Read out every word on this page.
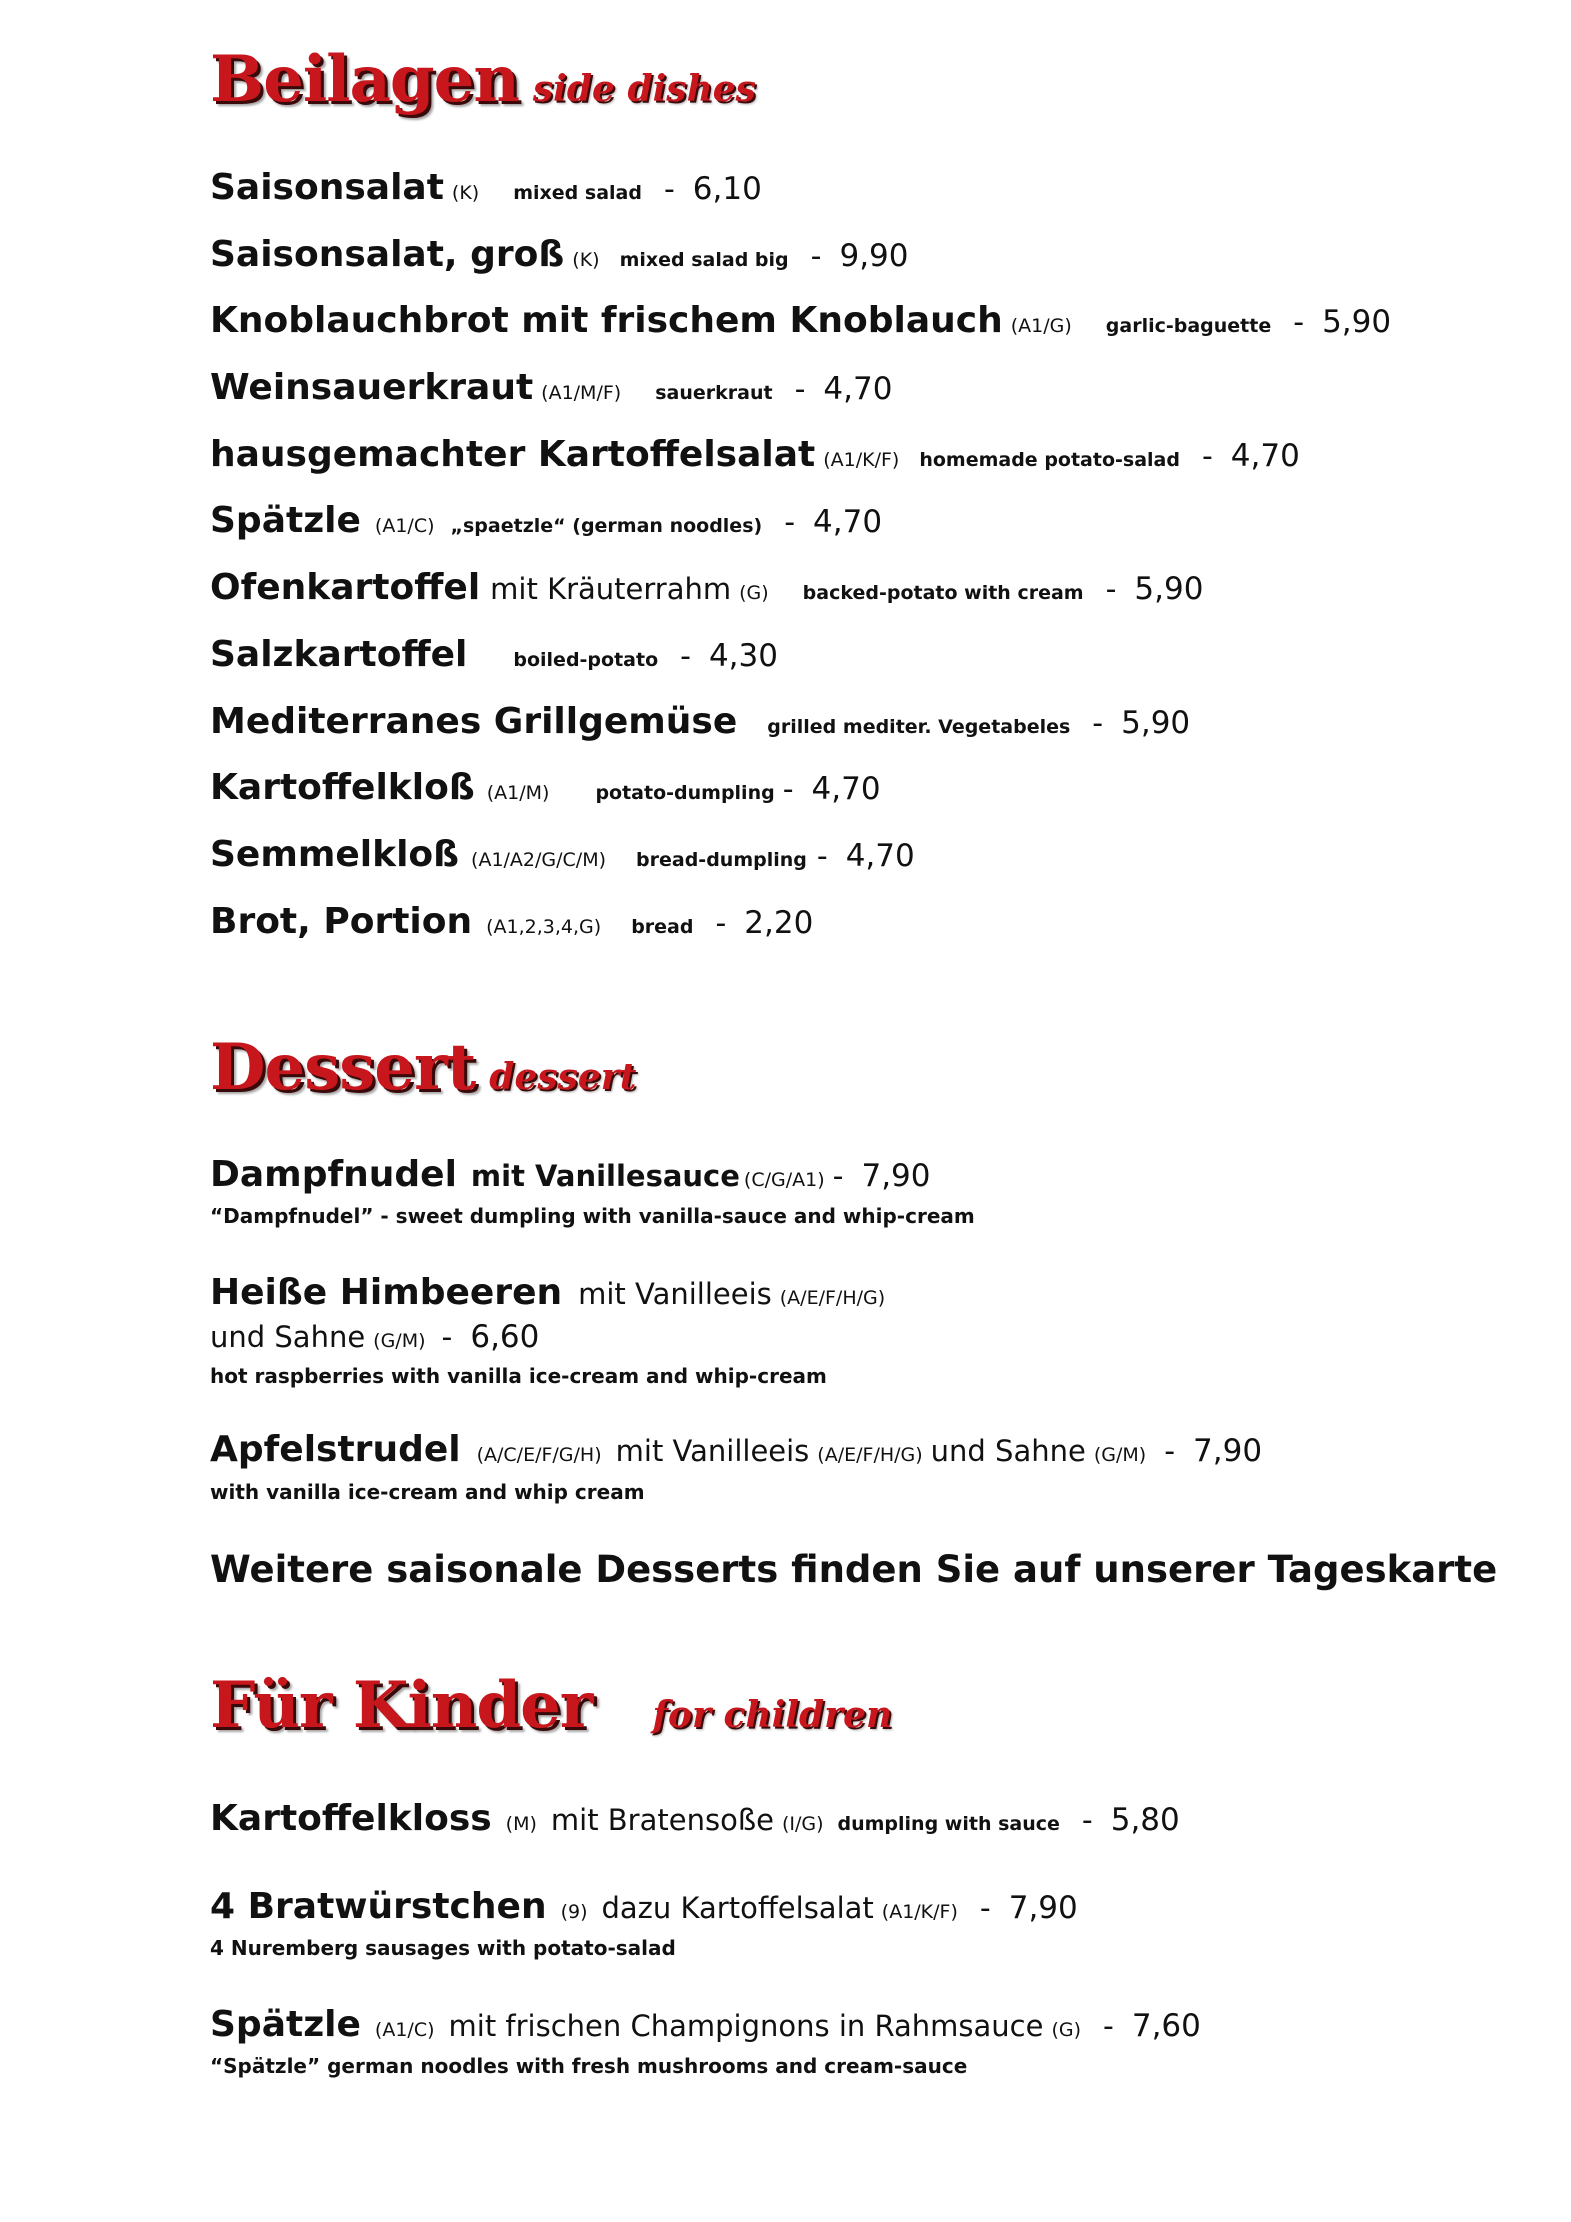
Beilagen side dishes
Saisonsalat (K) mixed salad - 6,10
Saisonsalat, groß (K) mixed salad big - 9,90
Knoblauchbrot mit frischem Knoblauch (A1/G) garlic-baguette - 5,90
Weinsauerkraut (A1/M/F) sauerkraut - 4,70
hausgemachter Kartoffelsalat (A1/K/F) homemade potato-salad - 4,70
Spätzle (A1/C) „spaetzle“ (german noodles) - 4,70
Ofenkartoffel mit Kräuterrahm (G) backed-potato with cream - 5,90
Salzkartoffel boiled-potato - 4,30
Mediterranes Grillgemüse grilled mediter. Vegetabeles - 5,90
Kartoffelkloß (A1/M) potato-dumpling - 4,70
Semmelkloß (A1/A2/G/C/M) bread-dumpling - 4,70
Brot, Portion (A1,2,3,4,G) bread - 2,20
Dessert dessert
Dampfnudel mit Vanillesauce (C/G/A1) - 7,90
“Dampfnudel” - sweet dumpling with vanilla-sauce and whip-cream
Heiße Himbeeren mit Vanilleeis (A/E/F/H/G)
und Sahne (G/M) - 6,60
hot raspberries with vanilla ice-cream and whip-cream
Apfelstrudel (A/C/E/F/G/H) mit Vanilleeis (A/E/F/H/G) und Sahne (G/M) - 7,90
with vanilla ice-cream and whip cream
Weitere saisonale Desserts finden Sie auf unserer Tageskarte
Für Kinder for children
Kartoffelkloss (M) mit Bratensoße (I/G) dumpling with sauce - 5,80
4 Bratwürstchen (9) dazu Kartoffelsalat (A1/K/F) - 7,90
4 Nuremberg sausages with potato-salad
Spätzle (A1/C) mit frischen Champignons in Rahmsauce (G) - 7,60
“Spätzle” german noodles with fresh mushrooms and cream-sauce
